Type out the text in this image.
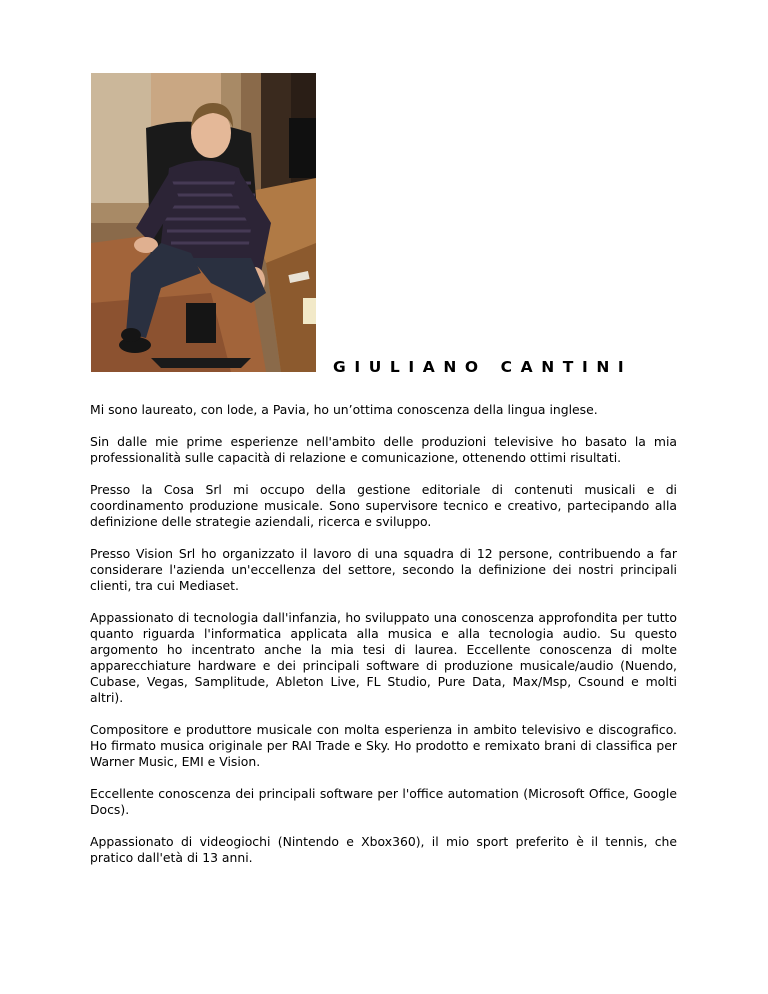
GIULIANO CANTINI

Mi sono laureato, con lode, a Pavia, ho un’ottima conoscenza della lingua inglese.

Sin dalle mie prime esperienze nell'ambito delle produzioni televisive ho basato la mia professionalità sulle capacità di relazione e comunicazione, ottenendo ottimi risultati.

Presso la Cosa Srl mi occupo della gestione editoriale di contenuti musicali e di coordinamento produzione musicale. Sono supervisore tecnico e creativo, partecipando alla definizione delle strategie aziendali, ricerca e sviluppo.

Presso Vision Srl ho organizzato il lavoro di una squadra di 12 persone, contribuendo a far considerare l'azienda un'eccellenza del settore, secondo la definizione dei nostri principali clienti, tra cui Mediaset.

Appassionato di tecnologia dall'infanzia, ho sviluppato una conoscenza approfondita per tutto quanto riguarda l'informatica applicata alla musica e alla tecnologia audio. Su questo argomento ho incentrato anche la mia tesi di laurea. Eccellente conoscenza di molte apparecchiature hardware e dei principali software di produzione musicale/audio (Nuendo, Cubase, Vegas, Samplitude, Ableton Live, FL Studio, Pure Data, Max/Msp, Csound e molti altri).

Compositore e produttore musicale con molta esperienza in ambito televisivo e discografico. Ho firmato musica originale per RAI Trade e Sky. Ho prodotto e remixato brani di classifica per Warner Music, EMI e Vision.

Eccellente conoscenza dei principali software per l'office automation (Microsoft Office, Google Docs).

Appassionato di videogiochi (Nintendo e Xbox360), il mio sport preferito è il tennis, che pratico dall'età di 13 anni.
